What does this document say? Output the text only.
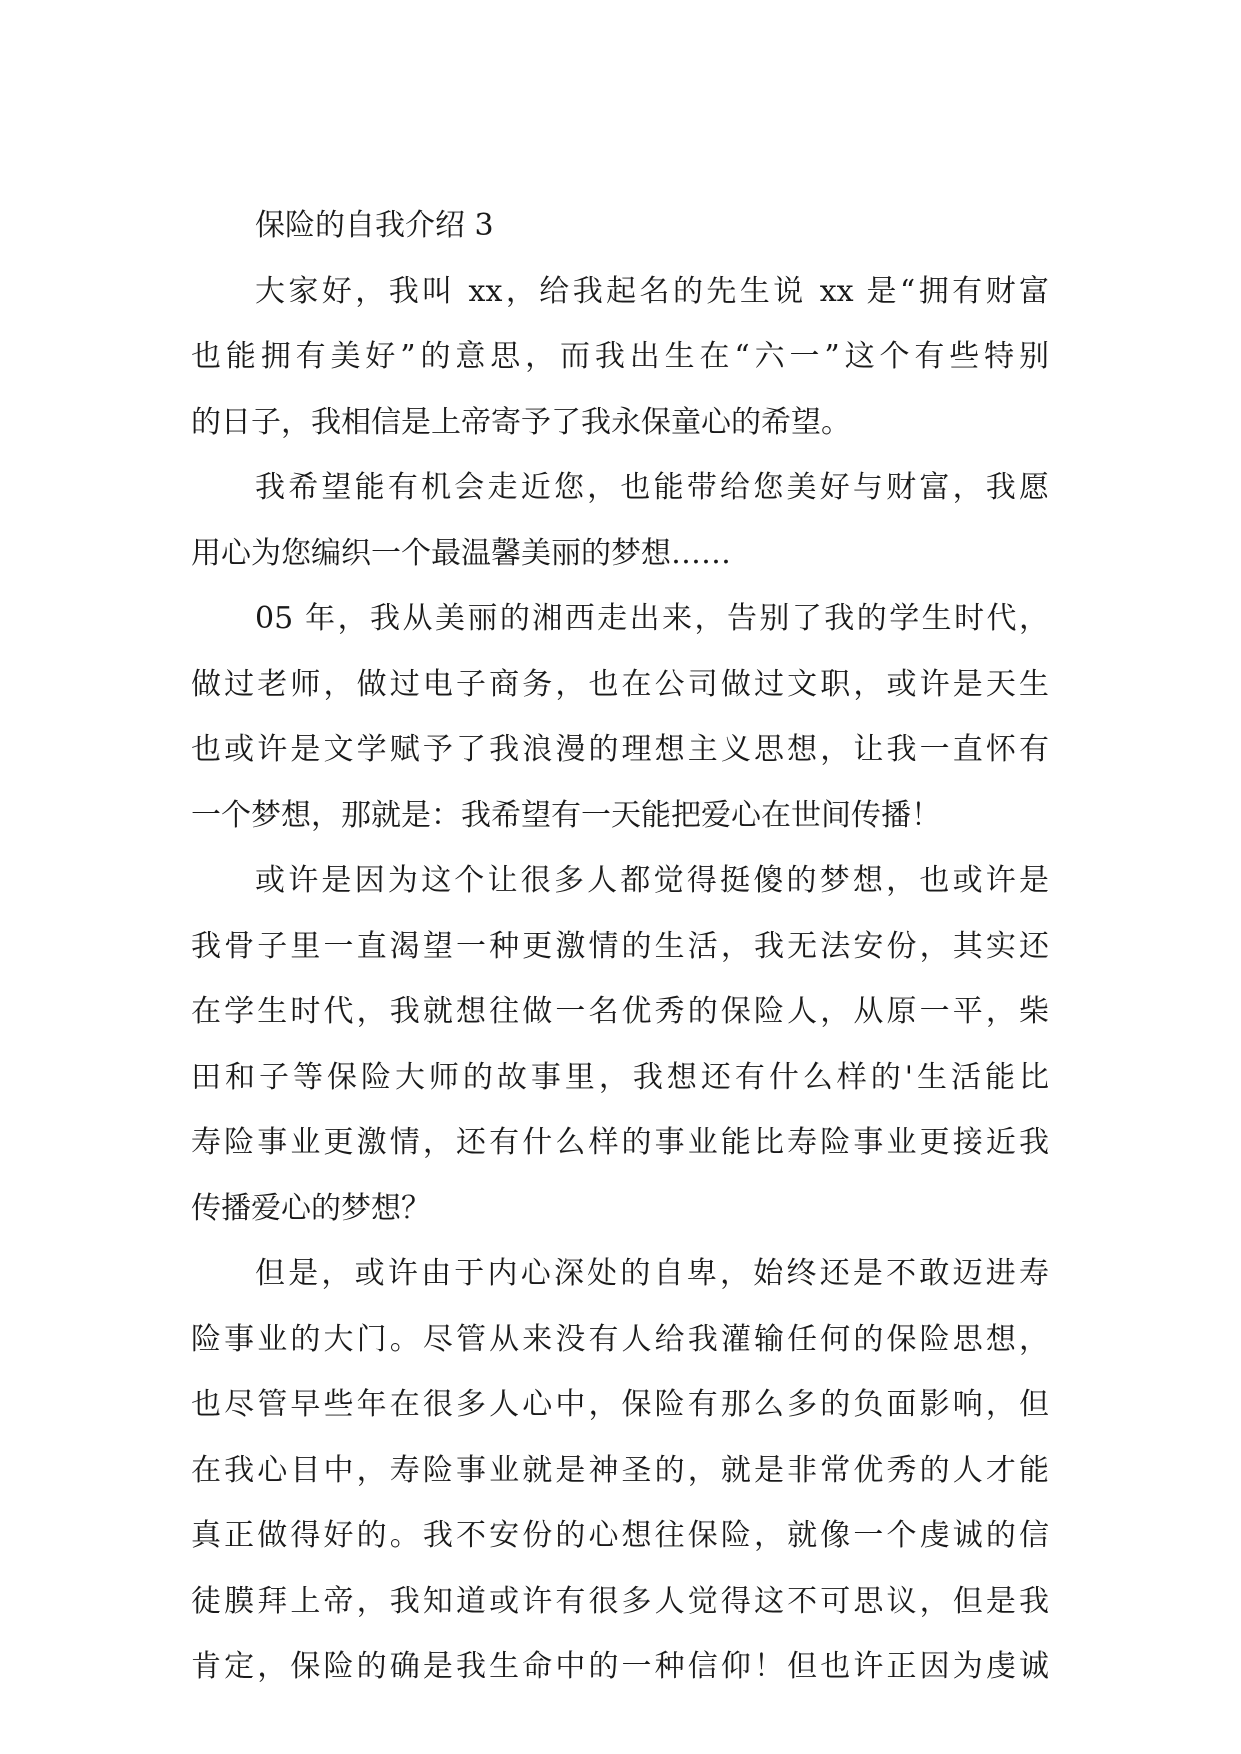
保险的自我介绍 3
大家好，我叫 xx，给我起名的先生说 xx 是“拥有财富
也能拥有美好”的意思，而我出生在“六一”这个有些特别
的日子，我相信是上帝寄予了我永保童心的希望。
我希望能有机会走近您，也能带给您美好与财富，我愿
用心为您编织一个最温馨美丽的梦想……
05 年，我从美丽的湘西走出来，告别了我的学生时代，
做过老师，做过电子商务，也在公司做过文职，或许是天生
也或许是文学赋予了我浪漫的理想主义思想，让我一直怀有
一个梦想，那就是：我希望有一天能把爱心在世间传播！
或许是因为这个让很多人都觉得挺傻的梦想，也或许是
我骨子里一直渴望一种更激情的生活，我无法安份，其实还
在学生时代，我就想往做一名优秀的保险人，从原一平，柴
田和子等保险大师的故事里，我想还有什么样的'生活能比
寿险事业更激情，还有什么样的事业能比寿险事业更接近我
传播爱心的梦想？
但是，或许由于内心深处的自卑，始终还是不敢迈进寿
险事业的大门。尽管从来没有人给我灌输任何的保险思想，
也尽管早些年在很多人心中，保险有那么多的负面影响，但
在我心目中，寿险事业就是神圣的，就是非常优秀的人才能
真正做得好的。我不安份的心想往保险，就像一个虔诚的信
徒膜拜上帝，我知道或许有很多人觉得这不可思议，但是我
肯定，保险的确是我生命中的一种信仰！但也许正因为虔诚
